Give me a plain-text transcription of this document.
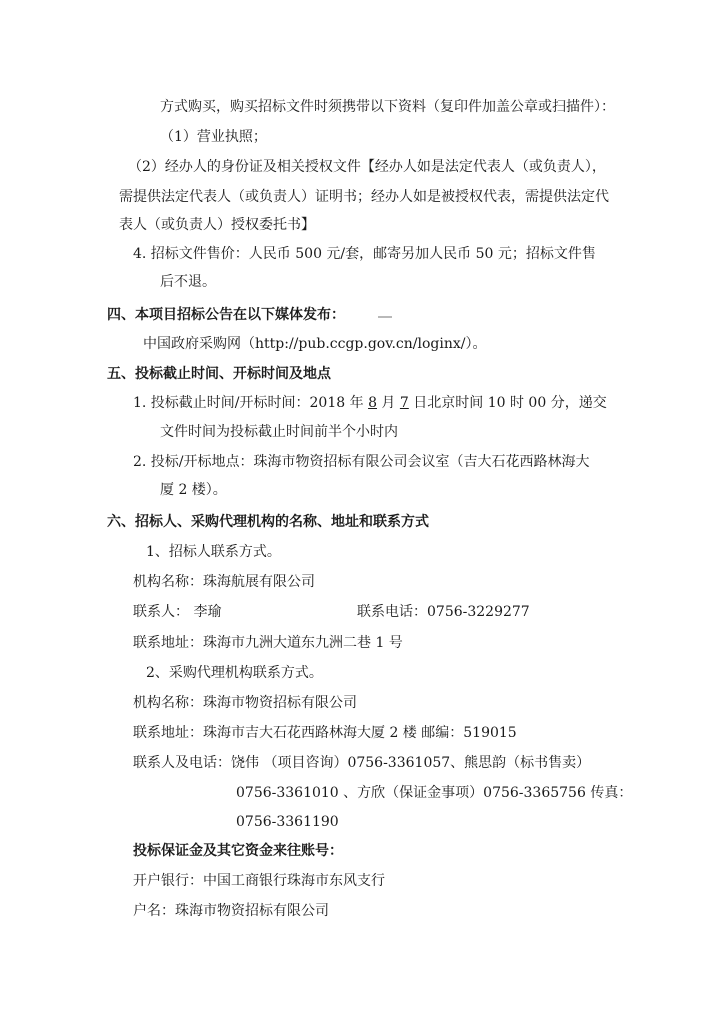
方式购买，购买招标文件时须携带以下资料（复印件加盖公章或扫描件）：
（1）营业执照；
（2）经办人的身份证及相关授权文件【经办人如是法定代表人（或负责人），
需提供法定代表人（或负责人）证明书；经办人如是被授权代表，需提供法定代
表人（或负责人）授权委托书】
4. 招标文件售价：人民币 500 元/套，邮寄另加人民币 50 元；招标文件售
后不退。
四、本项目招标公告在以下媒体发布：
中国政府采购网（http://pub.ccgp.gov.cn/loginx/）。
五、投标截止时间、开标时间及地点
1. 投标截止时间/开标时间：2018 年 8 月 7 日北京时间 10 时 00 分，递交
文件时间为投标截止时间前半个小时内
2. 投标/开标地点：珠海市物资招标有限公司会议室（吉大石花西路林海大
厦 2 楼）。
六、招标人、采购代理机构的名称、地址和联系方式
1、招标人联系方式。
机构名称：珠海航展有限公司
联系人： 李瑜	联系电话：0756-3229277
联系地址：珠海市九洲大道东九洲二巷 1 号
2、采购代理机构联系方式。
机构名称：珠海市物资招标有限公司
联系地址：珠海市吉大石花西路林海大厦 2 楼 邮编：519015
联系人及电话：饶伟 （项目咨询）0756-3361057、熊思韵（标书售卖）
0756-3361010 、方欣（保证金事项）0756-3365756 传真：
0756-3361190
投标保证金及其它资金来往账号：
开户银行：中国工商银行珠海市东风支行
户名：珠海市物资招标有限公司
